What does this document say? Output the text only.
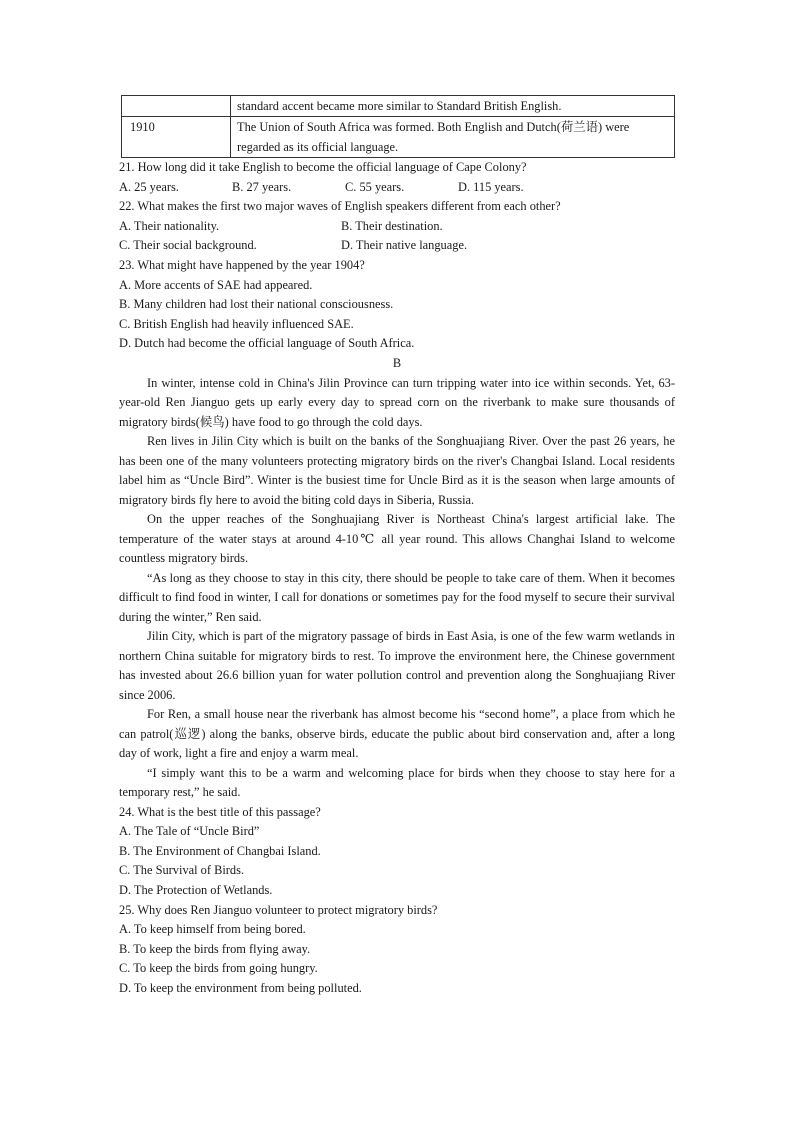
	standard accent became more similar to Standard British English.
1910	The Union of South Africa was formed. Both English and Dutch(荷兰语) were regarded as its official language.
21. How long did it take English to become the official language of Cape Colony?
A. 25 years.	B. 27 years.	C. 55 years.	D. 115 years.
22. What makes the first two major waves of English speakers different from each other?
A. Their nationality.	B. Their destination.
C. Their social background.	D. Their native language.
23. What might have happened by the year 1904?
A. More accents of SAE had appeared.
B. Many children had lost their national consciousness.
C. British English had heavily influenced SAE.
D. Dutch had become the official language of South Africa.
B

In winter, intense cold in China's Jilin Province can turn tripping water into ice within seconds. Yet, 63-year-old Ren Jianguo gets up early every day to spread corn on the riverbank to make sure thousands of migratory birds(候鸟) have food to go through the cold days.

Ren lives in Jilin City which is built on the banks of the Songhuajiang River. Over the past 26 years, he has been one of the many volunteers protecting migratory birds on the river's Changbai Island. Local residents label him as “Uncle Bird”. Winter is the busiest time for Uncle Bird as it is the season when large amounts of migratory birds fly here to avoid the biting cold days in Siberia, Russia.

On the upper reaches of the Songhuajiang River is Northeast China's largest artificial lake. The temperature of the water stays at around 4-10℃ all year round. This allows Changhai Island to welcome countless migratory birds.

“As long as they choose to stay in this city, there should be people to take care of them. When it becomes difficult to find food in winter, I call for donations or sometimes pay for the food myself to secure their survival during the winter,” Ren said.

Jilin City, which is part of the migratory passage of birds in East Asia, is one of the few warm wetlands in northern China suitable for migratory birds to rest. To improve the environment here, the Chinese government has invested about 26.6 billion yuan for water pollution control and prevention along the Songhuajiang River since 2006.

For Ren, a small house near the riverbank has almost become his “second home”, a place from which he can patrol(巡逻) along the banks, observe birds, educate the public about bird conservation and, after a long day of work, light a fire and enjoy a warm meal.

“I simply want this to be a warm and welcoming place for birds when they choose to stay here for a temporary rest,” he said.

24. What is the best title of this passage?
A. The Tale of “Uncle Bird”
B. The Environment of Changbai Island.
C. The Survival of Birds.
D. The Protection of Wetlands.
25. Why does Ren Jianguo volunteer to protect migratory birds?
A. To keep himself from being bored.
B. To keep the birds from flying away.
C. To keep the birds from going hungry.
D. To keep the environment from being polluted.
